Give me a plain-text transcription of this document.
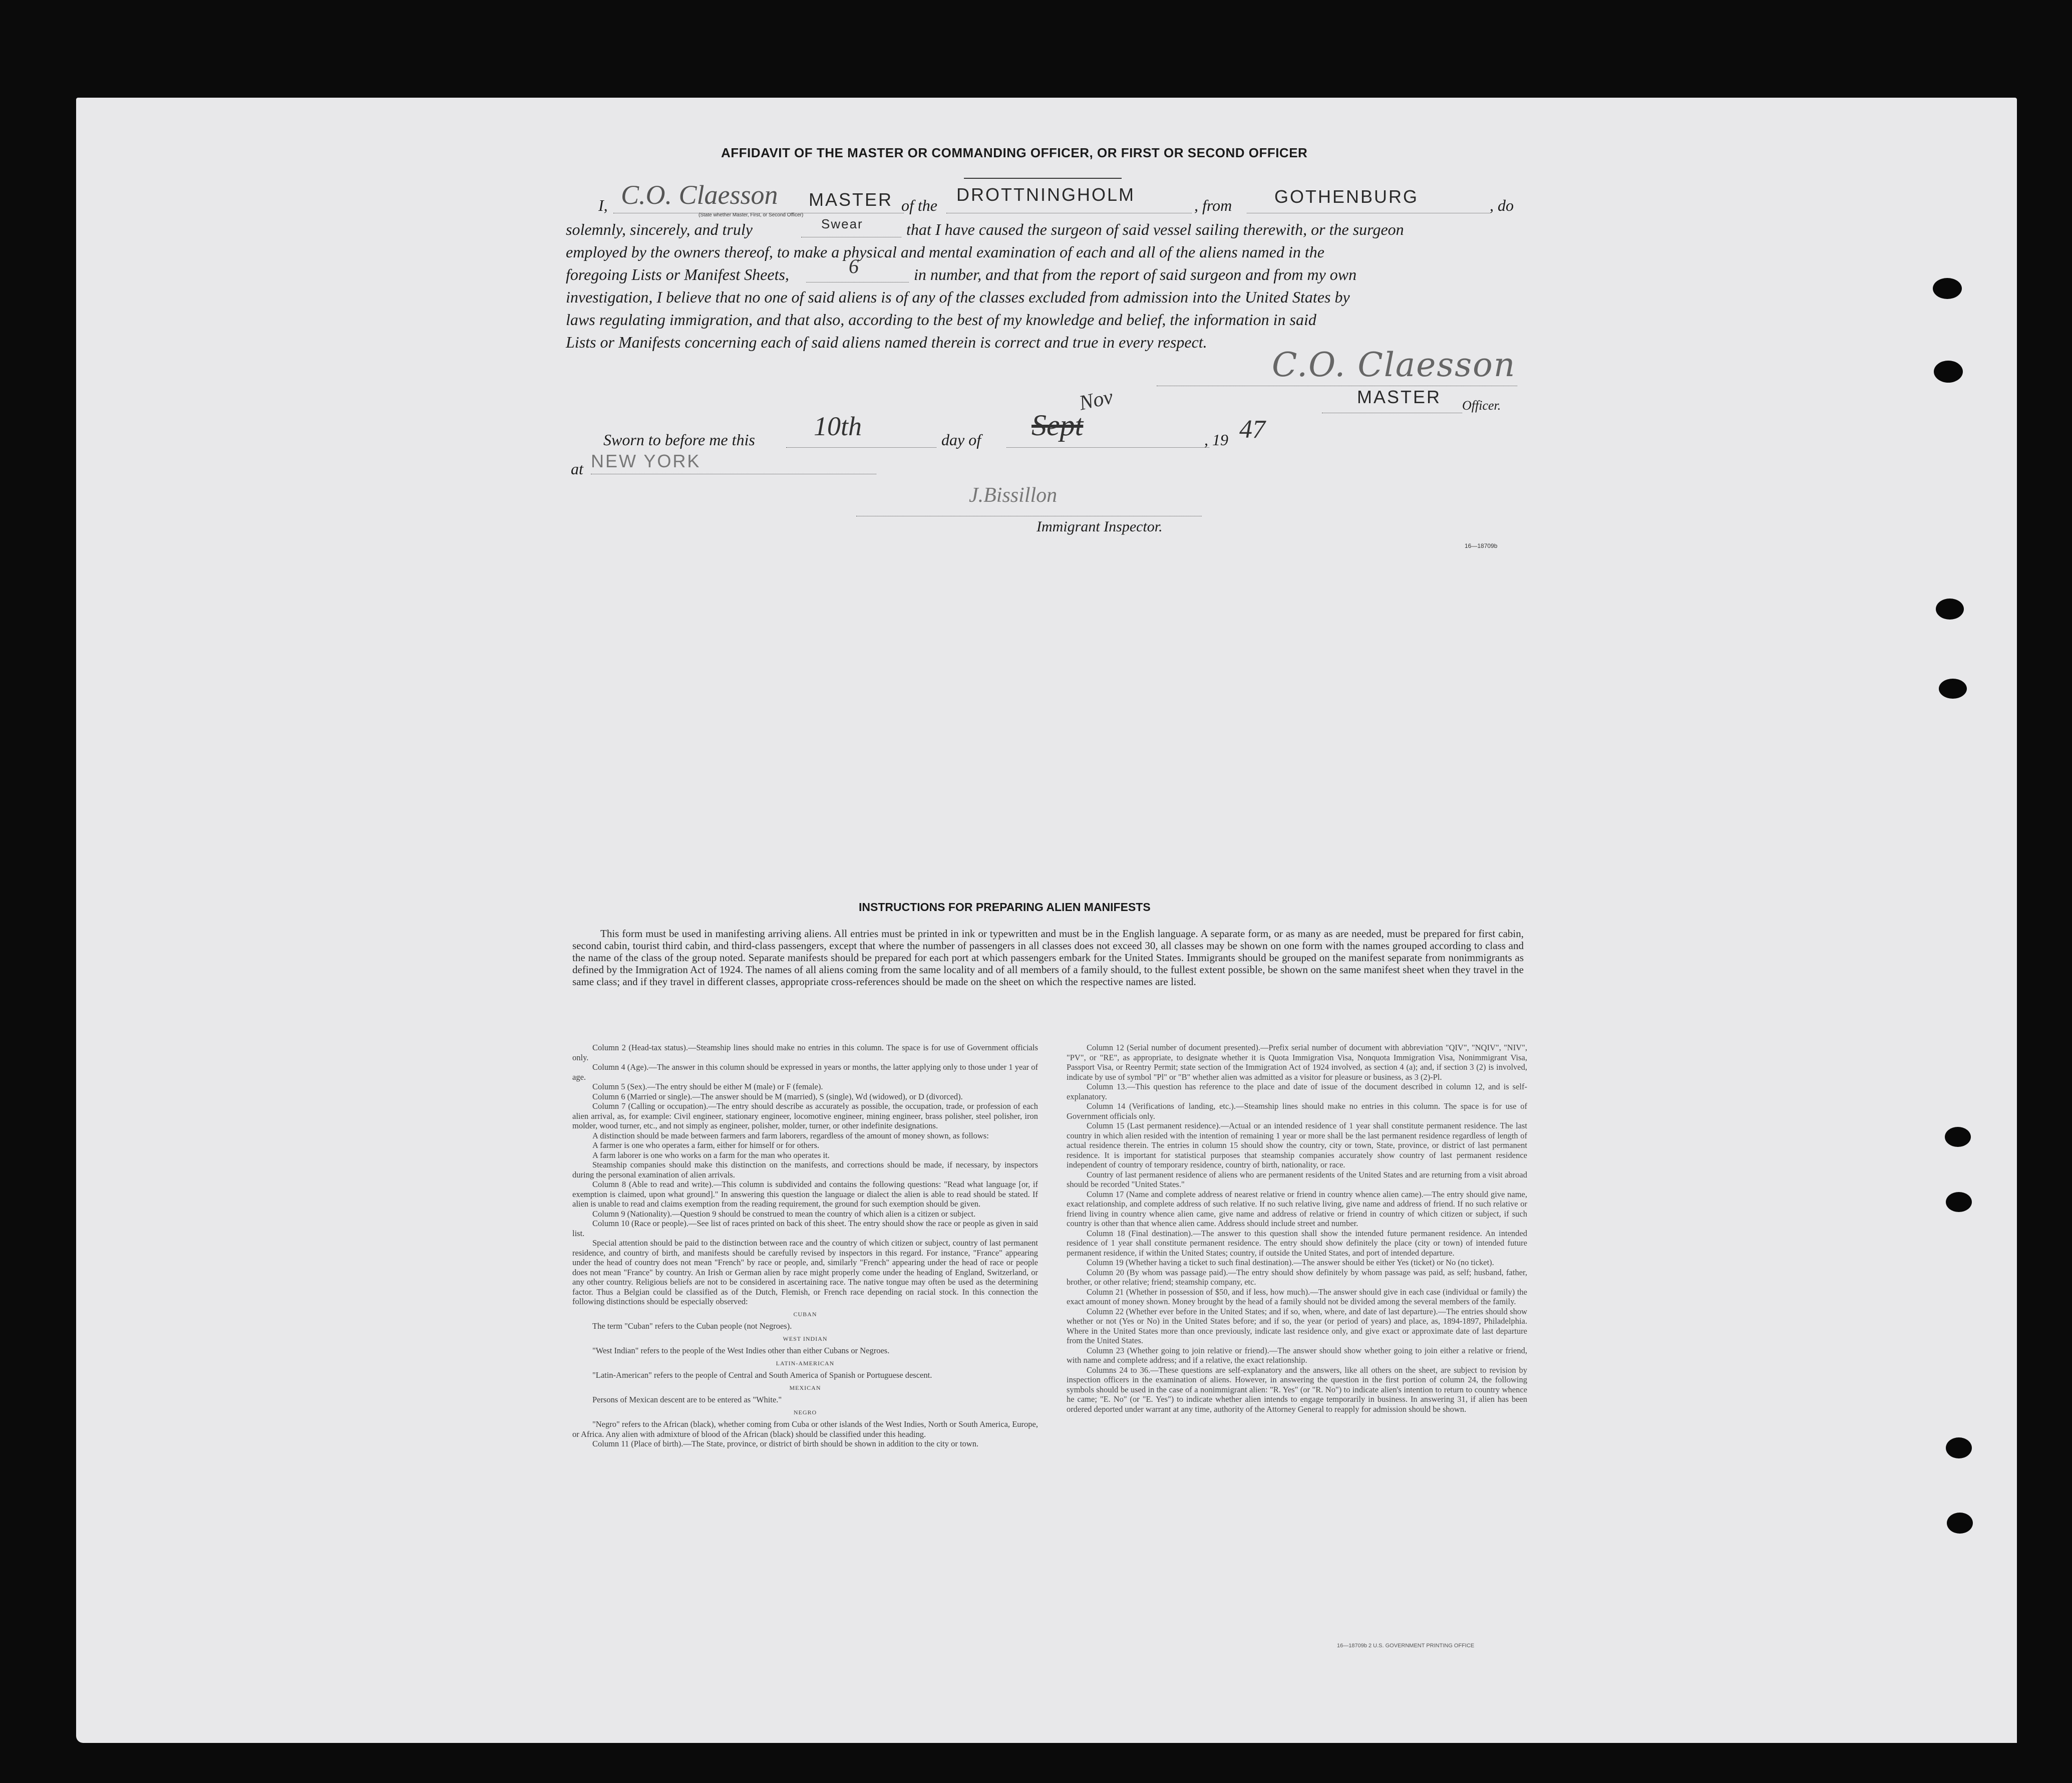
AFFIDAVIT OF THE MASTER OR COMMANDING OFFICER, OR FIRST OR SECOND OFFICER
I, C.O. Claesson MASTER
(State whether Master, First, or Second Officer)
of the
DROTTNINGHOLM
, from GOTHENBURG	, do
solemnly, sincerely, and truly	Swear	that I have caused the surgeon of said vessel sailing therewith, or the surgeon
employed by the owners thereof, to make a physical and mental examination of each and all of the aliens named in the
foregoing Lists or Manifest Sheets,	6	in number, and that from the report of said surgeon and from my own
investigation, I believe that no one of said aliens is of any of the classes excluded from admission into the United States by
laws regulating immigration, and that also, according to the best of my knowledge and belief, the information in said
Lists or Manifests concerning each of said aliens named therein is correct and true in every respect.
C.O. Claesson
MASTER Officer.
Sworn to before me this 10th	day of Sept
Nov
, 19 47
at NEW YORK
J.Bissillon
Immigrant Inspector.
16—18709b
INSTRUCTIONS FOR PREPARING ALIEN MANIFESTS

This form must be used in manifesting arriving aliens. All entries must be printed in ink or typewritten and must be in the English language. A separate form, or as many as are needed, must be prepared for first cabin, second cabin, tourist third cabin, and third-class passengers, except that where the number of passengers in all classes does not exceed 30, all classes may be shown on one form with the names grouped according to class and the name of the class of the group noted. Separate manifests should be prepared for each port at which passengers embark for the United States. Immigrants should be grouped on the manifest separate from nonimmigrants as defined by the Immigration Act of 1924. The names of all aliens coming from the same locality and of all members of a family should, to the fullest extent possible, be shown on the same manifest sheet when they travel in the same class; and if they travel in different classes, appropriate cross-references should be made on the sheet on which the respective names are listed.

Column 2 (Head-tax status).—Steamship lines should make no entries in this column. The space is for use of Government officials only.

Column 4 (Age).—The answer in this column should be expressed in years or months, the latter applying only to those under 1 year of age.

Column 5 (Sex).—The entry should be either M (male) or F (female).

Column 6 (Married or single).—The answer should be M (married), S (single), Wd (widowed), or D (divorced).

Column 7 (Calling or occupation).—The entry should describe as accurately as possible, the occupation, trade, or profession of each alien arrival, as, for example: Civil engineer, stationary engineer, locomotive engineer, mining engineer, brass polisher, steel polisher, iron molder, wood turner, etc., and not simply as engineer, polisher, molder, turner, or other indefinite designations.

A distinction should be made between farmers and farm laborers, regardless of the amount of money shown, as follows:

A farmer is one who operates a farm, either for himself or for others.

A farm laborer is one who works on a farm for the man who operates it.

Steamship companies should make this distinction on the manifests, and corrections should be made, if necessary, by inspectors during the personal examination of alien arrivals.

Column 8 (Able to read and write).—This column is subdivided and contains the following questions: "Read what language [or, if exemption is claimed, upon what ground]." In answering this question the language or dialect the alien is able to read should be stated. If alien is unable to read and claims exemption from the reading requirement, the ground for such exemption should be given.

Column 9 (Nationality).—Question 9 should be construed to mean the country of which alien is a citizen or subject.

Column 10 (Race or people).—See list of races printed on back of this sheet. The entry should show the race or people as given in said list.

Special attention should be paid to the distinction between race and the country of which citizen or subject, country of last permanent residence, and country of birth, and manifests should be carefully revised by inspectors in this regard. For instance, "France" appearing under the head of country does not mean "French" by race or people, and, similarly "French" appearing under the head of race or people does not mean "France" by country. An Irish or German alien by race might properly come under the heading of England, Switzerland, or any other country. Religious beliefs are not to be considered in ascertaining race. The native tongue may often be used as the determining factor. Thus a Belgian could be classified as of the Dutch, Flemish, or French race depending on racial stock. In this connection the following distinctions should be especially observed:

CUBAN

The term "Cuban" refers to the Cuban people (not Negroes).

WEST INDIAN

"West Indian" refers to the people of the West Indies other than either Cubans or Negroes.

LATIN-AMERICAN

"Latin-American" refers to the people of Central and South America of Spanish or Portuguese descent.

MEXICAN

Persons of Mexican descent are to be entered as "White."

NEGRO

"Negro" refers to the African (black), whether coming from Cuba or other islands of the West Indies, North or South America, Europe, or Africa. Any alien with admixture of blood of the African (black) should be classified under this heading.

Column 11 (Place of birth).—The State, province, or district of birth should be shown in addition to the city or town.

Column 12 (Serial number of document presented).—Prefix serial number of document with abbreviation "QIV", "NQIV", "NIV", "PV", or "RE", as appropriate, to designate whether it is Quota Immigration Visa, Nonquota Immigration Visa, Nonimmigrant Visa, Passport Visa, or Reentry Permit; state section of the Immigration Act of 1924 involved, as section 4 (a); and, if section 3 (2) is involved, indicate by use of symbol "Pl" or "B" whether alien was admitted as a visitor for pleasure or business, as 3 (2)-Pl.

Column 13.—This question has reference to the place and date of issue of the document described in column 12, and is self-explanatory.

Column 14 (Verifications of landing, etc.).—Steamship lines should make no entries in this column. The space is for use of Government officials only.

Column 15 (Last permanent residence).—Actual or an intended residence of 1 year shall constitute permanent residence. The last country in which alien resided with the intention of remaining 1 year or more shall be the last permanent residence regardless of length of actual residence therein. The entries in column 15 should show the country, city or town, State, province, or district of last permanent residence. It is important for statistical purposes that steamship companies accurately show country of last permanent residence independent of country of temporary residence, country of birth, nationality, or race.

Country of last permanent residence of aliens who are permanent residents of the United States and are returning from a visit abroad should be recorded "United States."

Column 17 (Name and complete address of nearest relative or friend in country whence alien came).—The entry should give name, exact relationship, and complete address of such relative. If no such relative living, give name and address of friend. If no such relative or friend living in country whence alien came, give name and address of relative or friend in country of which citizen or subject, if such country is other than that whence alien came. Address should include street and number.

Column 18 (Final destination).—The answer to this question shall show the intended future permanent residence. An intended residence of 1 year shall constitute permanent residence. The entry should show definitely the place (city or town) of intended future permanent residence, if within the United States; country, if outside the United States, and port of intended departure.

Column 19 (Whether having a ticket to such final destination).—The answer should be either Yes (ticket) or No (no ticket).

Column 20 (By whom was passage paid).—The entry should show definitely by whom passage was paid, as self; husband, father, brother, or other relative; friend; steamship company, etc.

Column 21 (Whether in possession of $50, and if less, how much).—The answer should give in each case (individual or family) the exact amount of money shown. Money brought by the head of a family should not be divided among the several members of the family.

Column 22 (Whether ever before in the United States; and if so, when, where, and date of last departure).—The entries should show whether or not (Yes or No) in the United States before; and if so, the year (or period of years) and place, as, 1894-1897, Philadelphia. Where in the United States more than once previously, indicate last residence only, and give exact or approximate date of last departure from the United States.

Column 23 (Whether going to join relative or friend).—The answer should show whether going to join either a relative or friend, with name and complete address; and if a relative, the exact relationship.

Columns 24 to 36.—These questions are self-explanatory and the answers, like all others on the sheet, are subject to revision by inspection officers in the examination of aliens. However, in answering the question in the first portion of column 24, the following symbols should be used in the case of a nonimmigrant alien: "R. Yes" (or "R. No") to indicate alien's intention to return to country whence he came; "E. No" (or "E. Yes") to indicate whether alien intends to engage temporarily in business. In answering 31, if alien has been ordered deported under warrant at any time, authority of the Attorney General to reapply for admission should be shown.

16—18709b 2 U.S. GOVERNMENT PRINTING OFFICE
